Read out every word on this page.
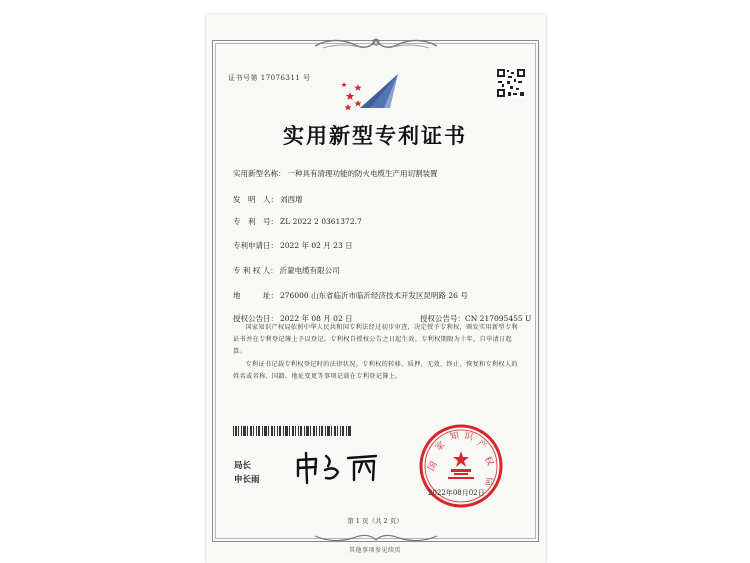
证书号第 17076311 号
实用新型专利证书
实用新型名称： 一种具有清理功能的防火电缆生产用切割装置
发　明　人： 刘西增
专　利　号： ZL 2022 2 0361372.7
专利申请日： 2022 年 02 月 23 日
专 利 权 人： 沂蒙电缆有限公司
地　　　址： 276000 山东省临沂市临沂经济技术开发区昆明路 26 号
授权公告日： 2022 年 08 月 02 日	授权公告号：CN 217095455 U
国家知识产权局依照中华人民共和国专利法经过初步审查，决定授予专利权，颁发实用新型专利证书并在专利登记簿上予以登记。专利权自授权公告之日起生效。专利权期限为十年，自申请日起算。
专利证书记载专利权登记时的法律状况。专利权的转移、质押、无效、终止、恢复和专利权人的姓名或名称、国籍、地址变更等事项记载在专利登记簿上。
局长
申长雨
国
家
知 识
产
权
局
2022年08月02日
第 1 页（共 2 页）
其他事项参见续页
